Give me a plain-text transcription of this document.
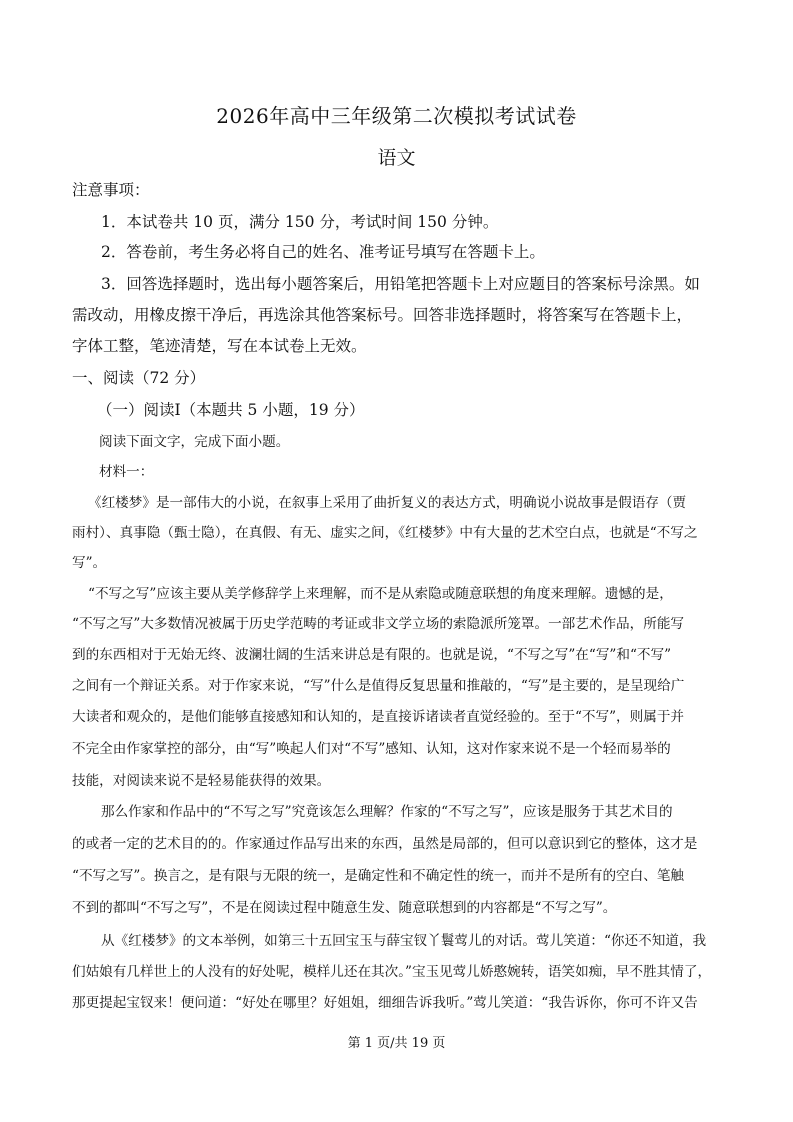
2026年高中三年级第二次模拟考试试卷
语文
注意事项：
1．本试卷共 10 页，满分 150 分，考试时间 150 分钟。
2．答卷前，考生务必将自己的姓名、准考证号填写在答题卡上。
3．回答选择题时，选出每小题答案后，用铅笔把答题卡上对应题目的答案标号涂黑。如
需改动，用橡皮擦干净后，再选涂其他答案标号。回答非选择题时，将答案写在答题卡上，
字体工整，笔迹清楚，写在本试卷上无效。
一、阅读（72 分）
（一）阅读Ⅰ（本题共 5 小题，19 分）
阅读下面文字，完成下面小题。
材料一：
《红楼梦》是一部伟大的小说，在叙事上采用了曲折复义的表达方式，明确说小说故事是假语存（贾
雨村）、真事隐（甄士隐），在真假、有无、虚实之间，《红楼梦》中有大量的艺术空白点，也就是“不写之
写”。
“不写之写”应该主要从美学修辞学上来理解，而不是从索隐或随意联想的角度来理解。遗憾的是，
“不写之写”大多数情况被属于历史学范畴的考证或非文学立场的索隐派所笼罩。一部艺术作品，所能写
到的东西相对于无始无终、波澜壮阔的生活来讲总是有限的。也就是说，“不写之写”在“写”和“不写”
之间有一个辩证关系。对于作家来说，“写”什么是值得反复思量和推敲的，“写”是主要的，是呈现给广
大读者和观众的，是他们能够直接感知和认知的，是直接诉诸读者直觉经验的。至于“不写”，则属于并
不完全由作家掌控的部分，由“写”唤起人们对“不写”感知、认知，这对作家来说不是一个轻而易举的
技能，对阅读来说不是轻易能获得的效果。
那么作家和作品中的“不写之写”究竟该怎么理解？作家的“不写之写”，应该是服务于其艺术目的
的或者一定的艺术目的的。作家通过作品写出来的东西，虽然是局部的，但可以意识到它的整体，这才是
“不写之写”。换言之，是有限与无限的统一，是确定性和不确定性的统一，而并不是所有的空白、笔触
不到的都叫“不写之写”，不是在阅读过程中随意生发、随意联想到的内容都是“不写之写”。
从《红楼梦》的文本举例，如第三十五回宝玉与薛宝钗丫鬟莺儿的对话。莺儿笑道：“你还不知道，我
们姑娘有几样世上的人没有的好处呢，模样儿还在其次。”宝玉见莺儿娇憨婉转，语笑如痴，早不胜其情了，
那更提起宝钗来！便问道：“好处在哪里？好姐姐，细细告诉我听。”莺儿笑道：“我告诉你，你可不许又告
第 1 页/共 19 页
